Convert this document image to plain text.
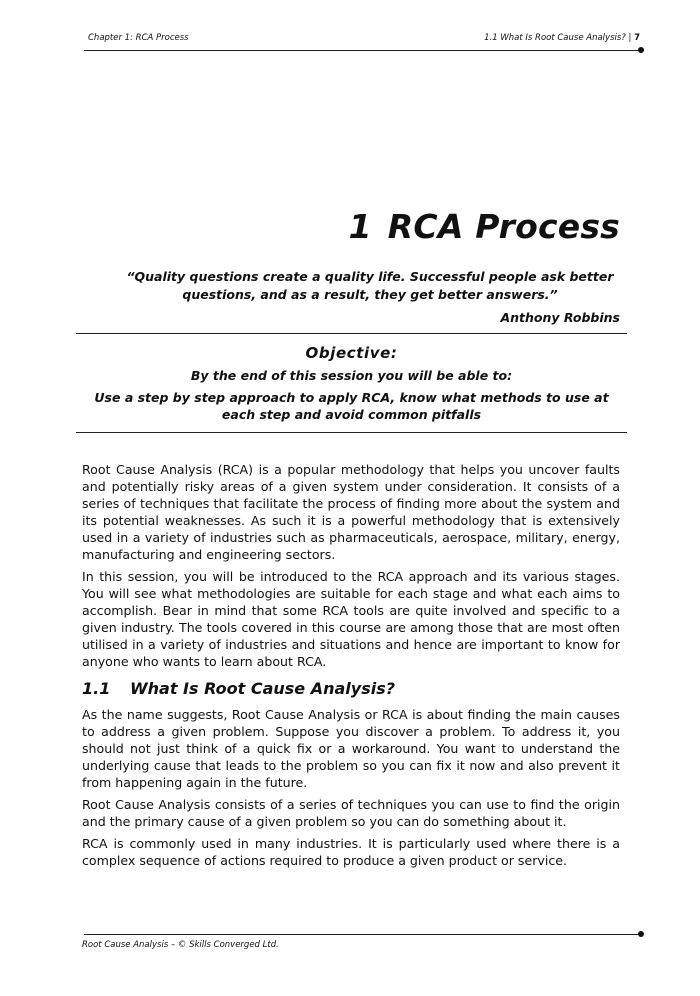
Chapter 1: RCA Process	1.1 What Is Root Cause Analysis? | 7
1 RCA Process
“Quality questions create a quality life. Successful people ask better questions, and as a result, they get better answers.”
Anthony Robbins
Objective:
By the end of this session you will be able to:
Use a step by step approach to apply RCA, know what methods to use at each step and avoid common pitfalls

Root Cause Analysis (RCA) is a popular methodology that helps you uncover faults and potentially risky areas of a given system under consideration. It consists of a series of techniques that facilitate the process of finding more about the system and its potential weaknesses. As such it is a powerful methodology that is extensively used in a variety of industries such as pharmaceuticals, aerospace, military, energy, manufacturing and engineering sectors.

In this session, you will be introduced to the RCA approach and its various stages. You will see what methodologies are suitable for each stage and what each aims to accomplish. Bear in mind that some RCA tools are quite involved and specific to a given industry. The tools covered in this course are among those that are most often utilised in a variety of industries and situations and hence are important to know for anyone who wants to learn about RCA.

1.1 What Is Root Cause Analysis?

As the name suggests, Root Cause Analysis or RCA is about finding the main causes to address a given problem. Suppose you discover a problem. To address it, you should not just think of a quick fix or a workaround. You want to understand the underlying cause that leads to the problem so you can fix it now and also prevent it from happening again in the future.

Root Cause Analysis consists of a series of techniques you can use to find the origin and the primary cause of a given problem so you can do something about it.

RCA is commonly used in many industries. It is particularly used where there is a complex sequence of actions required to produce a given product or service.

Root Cause Analysis – © Skills Converged Ltd.
